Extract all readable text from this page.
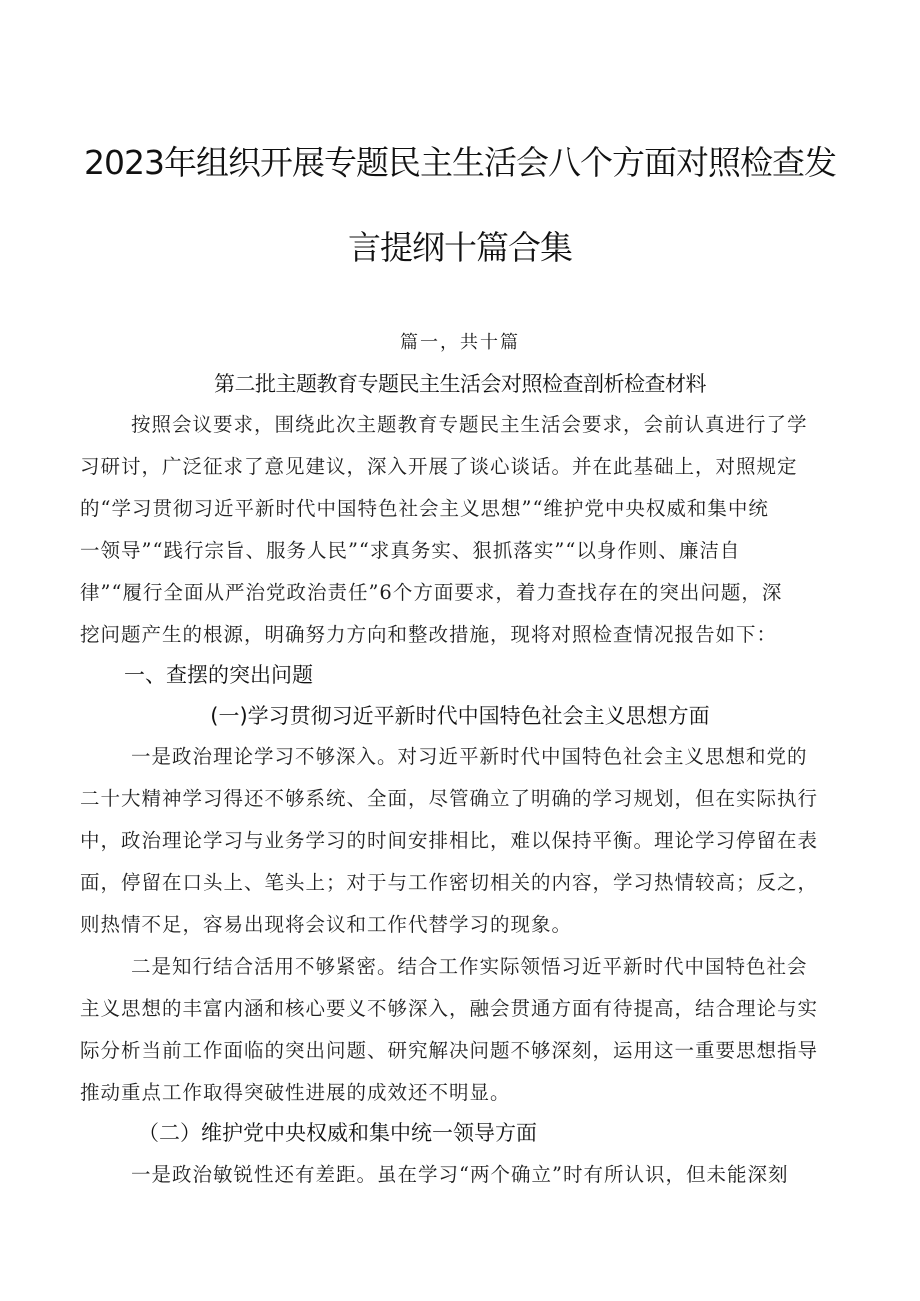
2023年组织开展专题民主生活会八个方面对照检查发
言提纲十篇合集
篇一，共十篇
第二批主题教育专题民主生活会对照检查剖析检查材料
按照会议要求，围绕此次主题教育专题民主生活会要求，会前认真进行了学
习研讨，广泛征求了意见建议，深入开展了谈心谈话。并在此基础上，对照规定
的“学习贯彻习近平新时代中国特色社会主义思想”“维护党中央权威和集中统
一领导”“践行宗旨、服务人民”“求真务实、狠抓落实”“以身作则、廉洁自
律”“履行全面从严治党政治责任”6个方面要求，着力查找存在的突出问题，深
挖问题产生的根源，明确努力方向和整改措施，现将对照检查情况报告如下：
一、查摆的突出问题
(一)学习贯彻习近平新时代中国特色社会主义思想方面
一是政治理论学习不够深入。对习近平新时代中国特色社会主义思想和党的
二十大精神学习得还不够系统、全面，尽管确立了明确的学习规划，但在实际执行
中，政治理论学习与业务学习的时间安排相比，难以保持平衡。理论学习停留在表
面，停留在口头上、笔头上；对于与工作密切相关的内容，学习热情较高；反之，
则热情不足，容易出现将会议和工作代替学习的现象。
二是知行结合活用不够紧密。结合工作实际领悟习近平新时代中国特色社会
主义思想的丰富内涵和核心要义不够深入，融会贯通方面有待提高，结合理论与实
际分析当前工作面临的突出问题、研究解决问题不够深刻，运用这一重要思想指导
推动重点工作取得突破性进展的成效还不明显。
（二）维护党中央权威和集中统一领导方面
一是政治敏锐性还有差距。虽在学习“两个确立”时有所认识，但未能深刻
